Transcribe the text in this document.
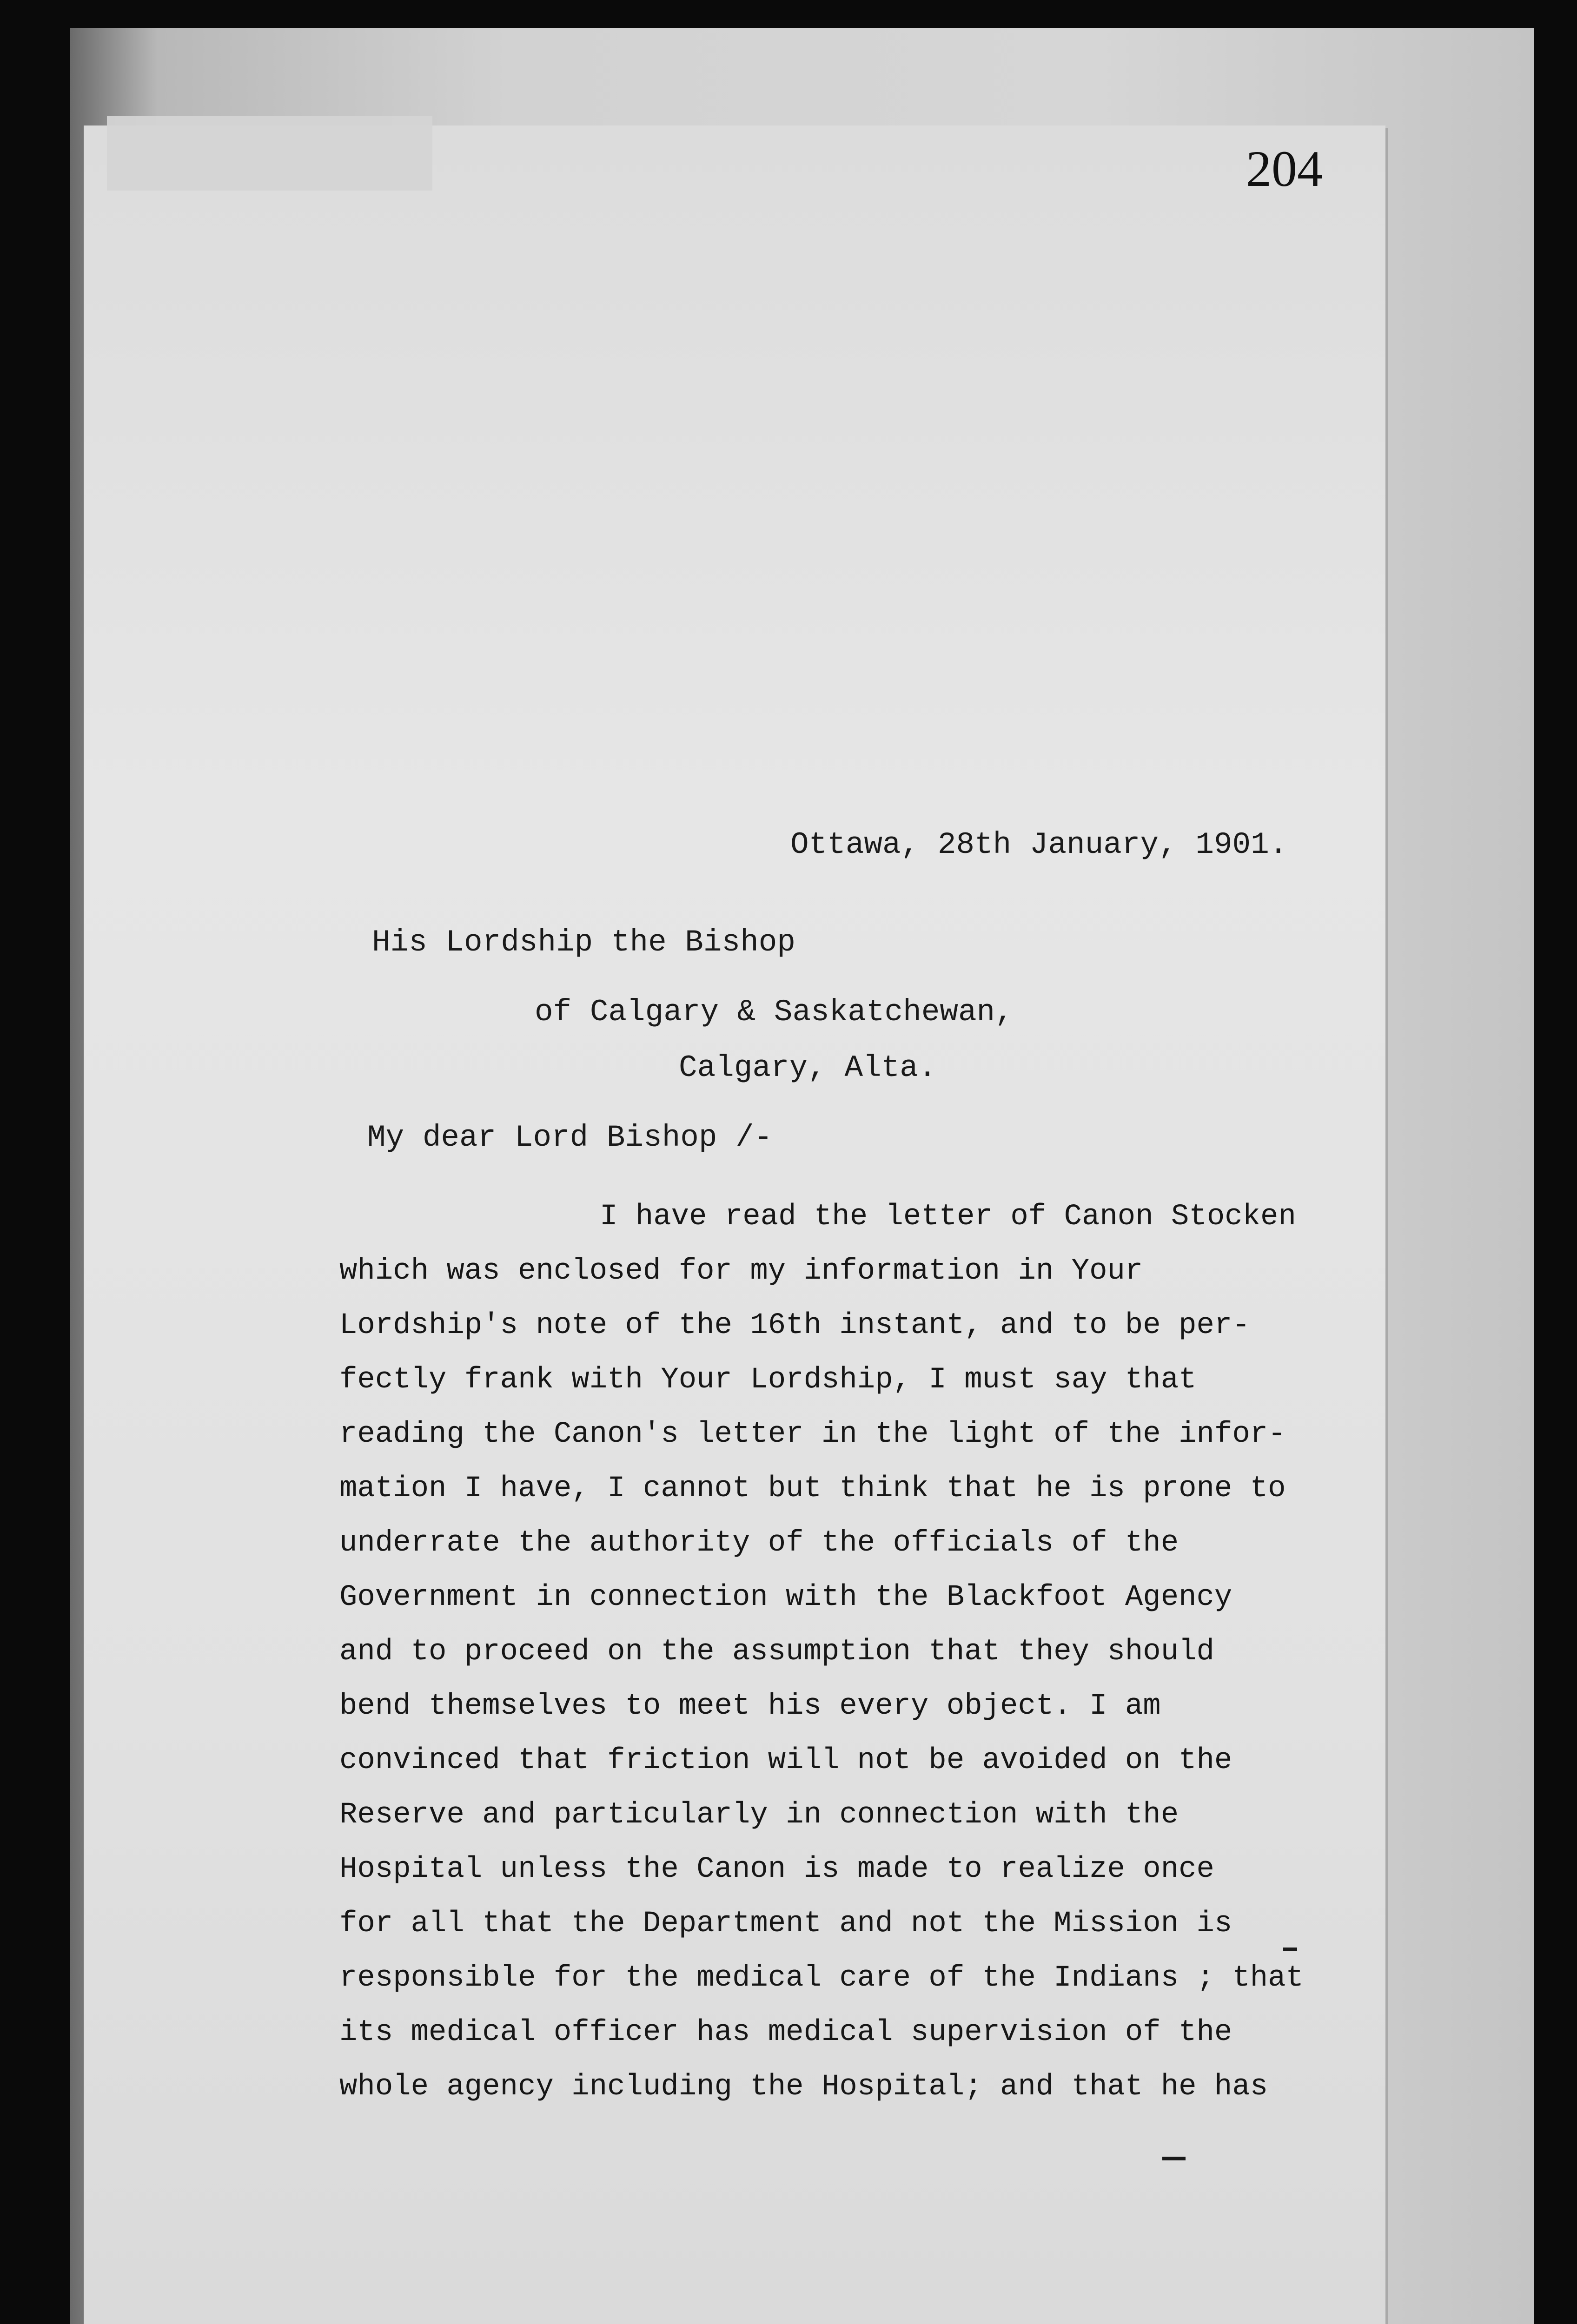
204
Ottawa, 28th January, 1901.
His Lordship the Bishop
of Calgary & Saskatchewan,
Calgary, Alta.
My dear Lord Bishop /-
I have read the letter of Canon Stocken
which was enclosed for my information in Your
Lordship's note of the 16th instant, and to be per-
fectly frank with Your Lordship, I must say that
reading the Canon's letter in the light of the infor-
mation I have, I cannot but think that he is prone to
underrate the authority of the officials of the
Government in connection with the Blackfoot Agency
and to proceed on the assumption that they should
bend themselves to meet his every object. I am
convinced that friction will not be avoided on the
Reserve and particularly in connection with the
Hospital unless the Canon is made to realize once
for all that the Department and not the Mission is
responsible for the medical care of the Indians ; that
its medical officer has medical supervision of the
whole agency including the Hospital; and that he has
